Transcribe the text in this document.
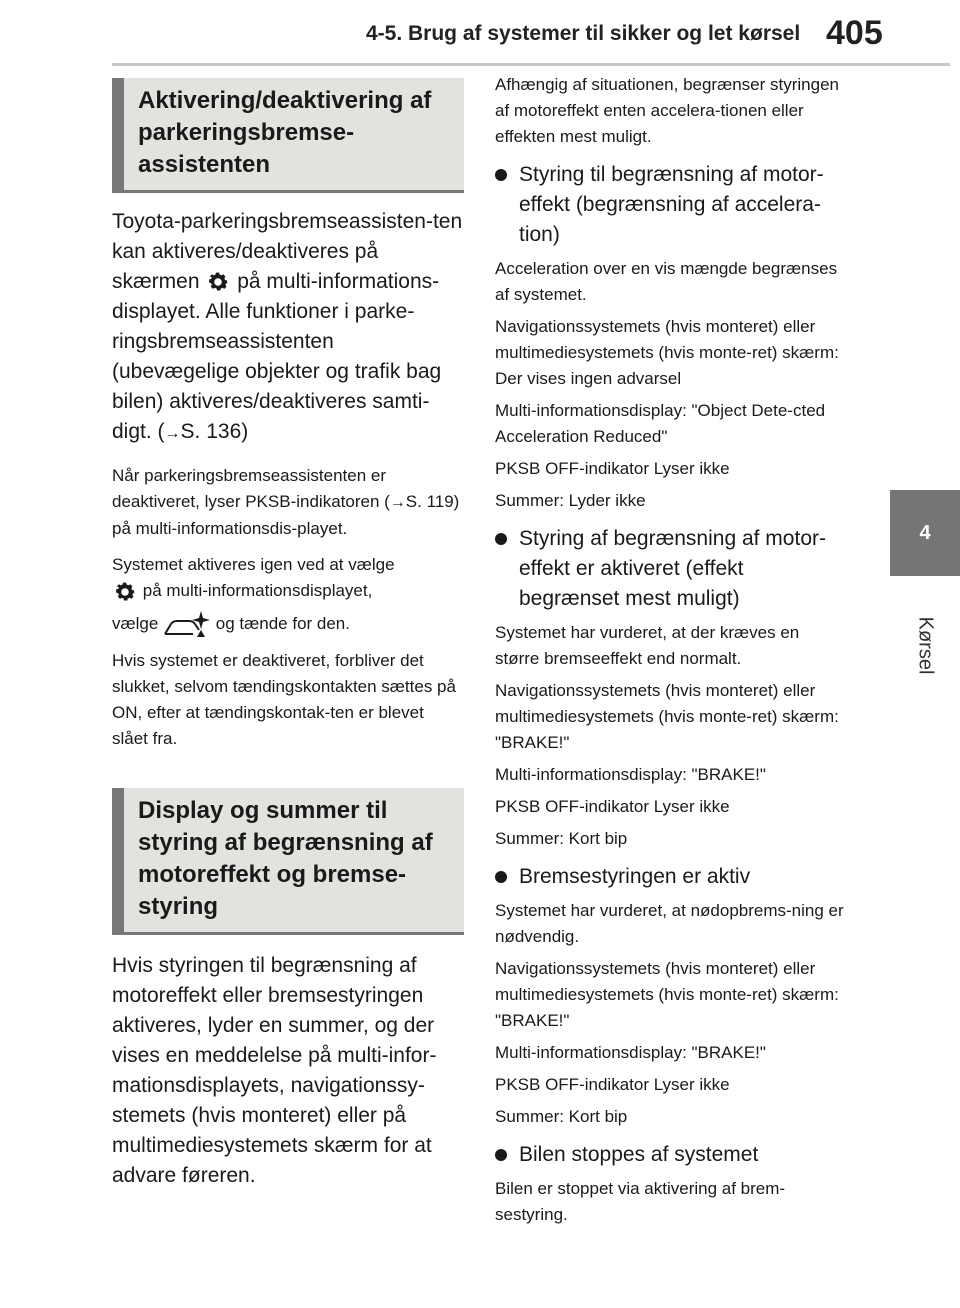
4-5. Brug af systemer til sikker og let kørsel 405
4
Kørsel
Aktivering/deaktivering af parkeringsbremse-assistenten

Toyota-parkeringsbremseassisten-ten kan aktiveres/deaktiveres på skærmen på multi-informations-displayet. Alle funktioner i parke-ringsbremseassistenten (ubevægelige objekter og trafik bag bilen) aktiveres/deaktiveres samti-digt. (→S. 136)

Når parkeringsbremseassistenten er deaktiveret, lyser PKSB-indikatoren (→S. 119) på multi-informationsdis-playet.

Systemet aktiveres igen ved at vælge
på multi-informationsdisplayet,
vælge	og tænde for den.

Hvis systemet er deaktiveret, forbliver det slukket, selvom tændingskontakten sættes på ON, efter at tændingskontak-ten er blevet slået fra.

Display og summer til styring af begrænsning af motoreffekt og bremse-styring

Hvis styringen til begrænsning af motoreffekt eller bremsestyringen aktiveres, lyder en summer, og der vises en meddelelse på multi-infor-mationsdisplayets, navigationssy-stemets (hvis monteret) eller på multimediesystemets skærm for at advare føreren.

Afhængig af situationen, begrænser styringen af motoreffekt enten accelera-tionen eller effekten mest muligt.

Styring til begrænsning af motor-effekt (begrænsning af accelera-tion)

Acceleration over en vis mængde begrænses af systemet.

Navigationssystemets (hvis monteret) eller multimediesystemets (hvis monte-ret) skærm: Der vises ingen advarsel

Multi-informationsdisplay: "Object Dete-cted Acceleration Reduced"

PKSB OFF-indikator Lyser ikke

Summer: Lyder ikke

Styring af begrænsning af motor-effekt er aktiveret (effekt begrænset mest muligt)

Systemet har vurderet, at der kræves en større bremseeffekt end normalt.

Navigationssystemets (hvis monteret) eller multimediesystemets (hvis monte-ret) skærm: "BRAKE!"

Multi-informationsdisplay: "BRAKE!"

PKSB OFF-indikator Lyser ikke

Summer: Kort bip

Bremsestyringen er aktiv

Systemet har vurderet, at nødopbrems-ning er nødvendig.

Navigationssystemets (hvis monteret) eller multimediesystemets (hvis monte-ret) skærm: "BRAKE!"

Multi-informationsdisplay: "BRAKE!"

PKSB OFF-indikator Lyser ikke

Summer: Kort bip

Bilen stoppes af systemet

Bilen er stoppet via aktivering af brem-sestyring.
